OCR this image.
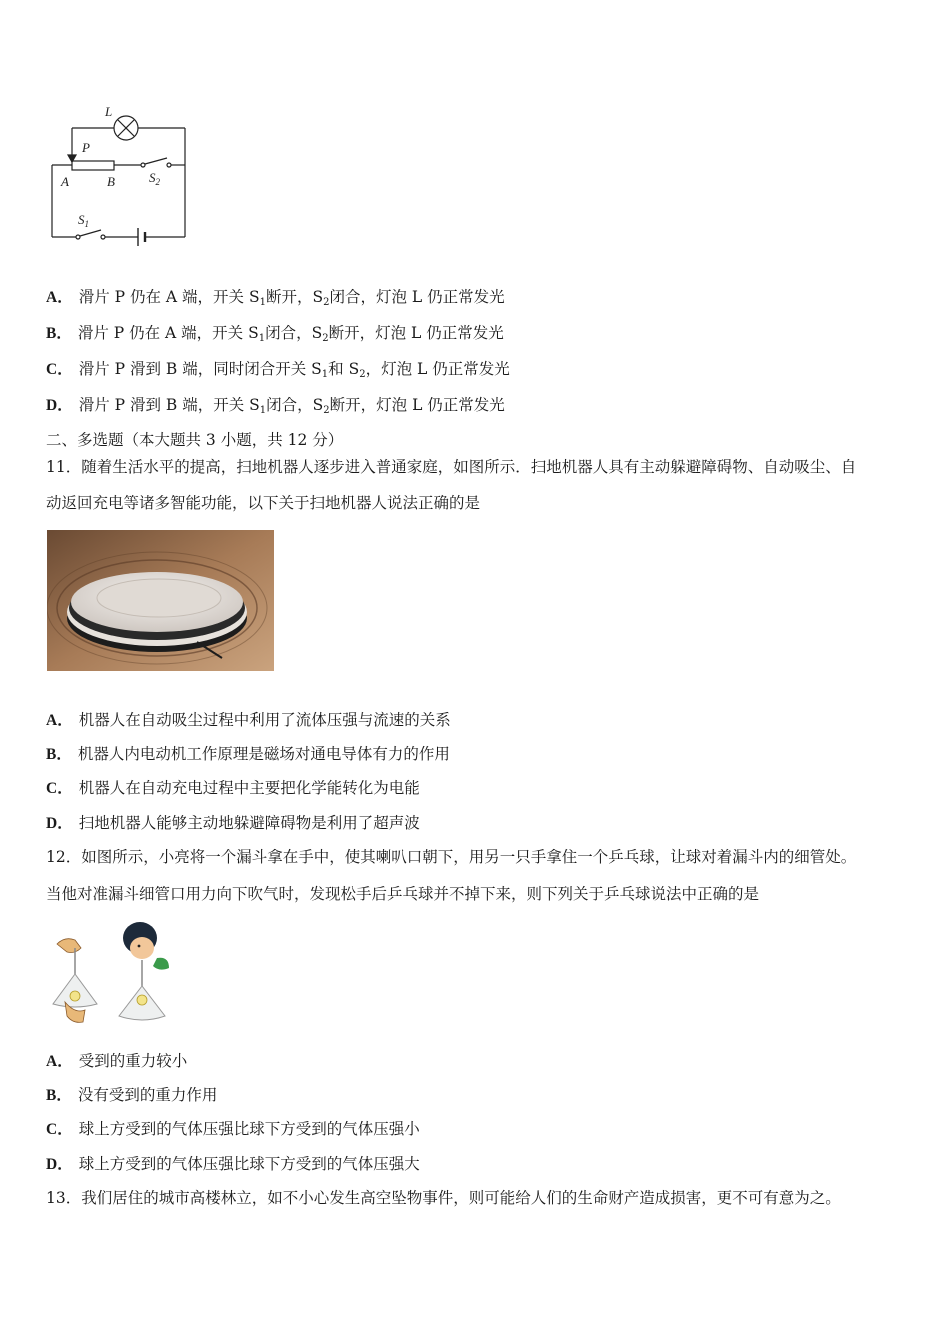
L
P
A	B	$S_2$
$S_1$
A． 滑片 P 仍在 A 端，开关 $S_1$断开，$S_2$闭合，灯泡 L 仍正常发光
B． 滑片 P 仍在 A 端，开关 $S_1$闭合，$S_2$断开，灯泡 L 仍正常发光
C． 滑片 P 滑到 B 端，同时闭合开关 $S_1$和 $S_2$，灯泡 L 仍正常发光
D． 滑片 P 滑到 B 端，开关 $S_1$闭合，$S_2$断开，灯泡 L 仍正常发光
二、多选题（本大题共 3 小题，共 12 分）
11．随着生活水平的提高，扫地机器人逐步进入普通家庭，如图所示．扫地机器人具有主动躲避障碍物、自动吸尘、自
动返回充电等诸多智能功能，以下关于扫地机器人说法正确的是
A． 机器人在自动吸尘过程中利用了流体压强与流速的关系
B． 机器人内电动机工作原理是磁场对通电导体有力的作用
C． 机器人在自动充电过程中主要把化学能转化为电能
D． 扫地机器人能够主动地躲避障碍物是利用了超声波
12．如图所示，小亮将一个漏斗拿在手中，使其喇叭口朝下，用另一只手拿住一个乒乓球，让球对着漏斗内的细管处。
当他对准漏斗细管口用力向下吹气时，发现松手后乒乓球并不掉下来，则下列关于乒乓球说法中正确的是
A． 受到的重力较小
B． 没有受到的重力作用
C． 球上方受到的气体压强比球下方受到的气体压强小
D． 球上方受到的气体压强比球下方受到的气体压强大
13．我们居住的城市高楼林立，如不小心发生高空坠物事件，则可能给人们的生命财产造成损害，更不可有意为之。
